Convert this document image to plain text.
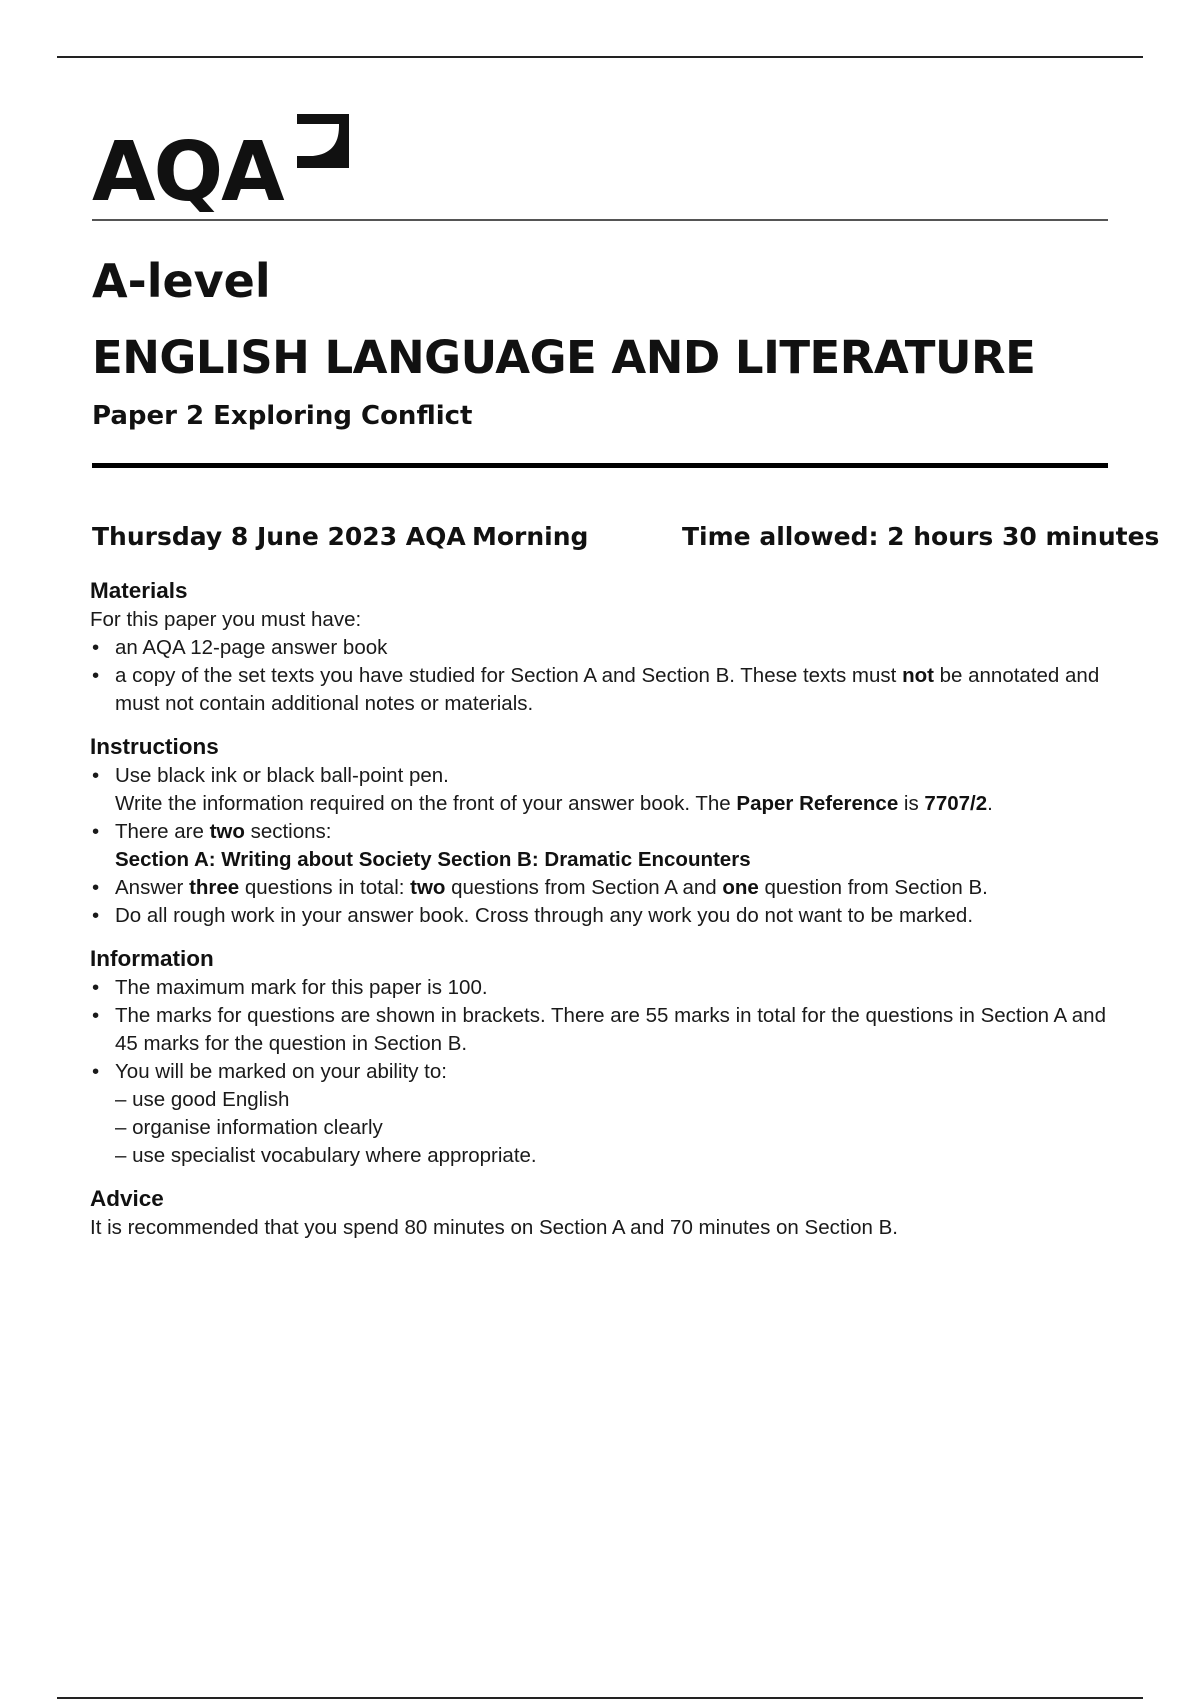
AQA
A-level
ENGLISH LANGUAGE AND LITERATURE
Paper 2 Exploring Conflict
Thursday 8 June 2023 AQA Morning	Time allowed: 2 hours 30 minutes
Materials
For this paper you must have:
• an AQA 12-page answer book
• a copy of the set texts you have studied for Section A and Section B. These texts must not be annotated and must not contain additional notes or materials.
Instructions
• Use black ink or black ball-point pen.
Write the information required on the front of your answer book. The Paper Reference is 7707/2.
• There are two sections:
Section A: Writing about Society Section B: Dramatic Encounters
• Answer three questions in total: two questions from Section A and one question from Section B.
• Do all rough work in your answer book. Cross through any work you do not want to be marked.
Information
• The maximum mark for this paper is 100.
• The marks for questions are shown in brackets. There are 55 marks in total for the questions in Section A and 45 marks for the question in Section B.
• You will be marked on your ability to:
– use good English
– organise information clearly
– use specialist vocabulary where appropriate.
Advice
It is recommended that you spend 80 minutes on Section A and 70 minutes on Section B.
